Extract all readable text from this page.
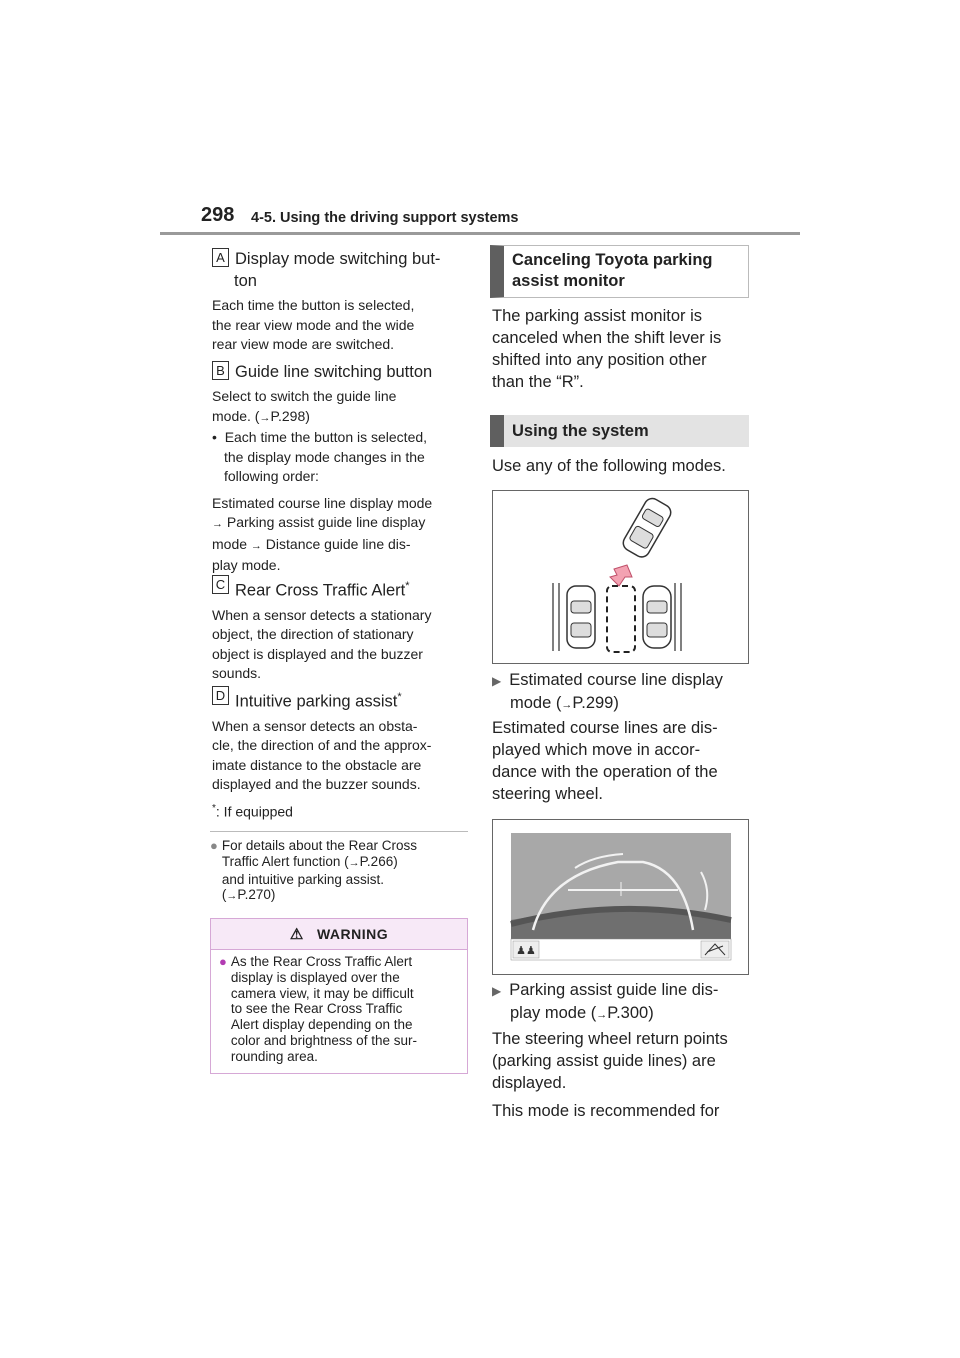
298 4-5. Using the driving support systems
A Display mode switching but-
ton
Each time the button is selected,
the rear view mode and the wide
rear view mode are switched.
B Guide line switching button
Select to switch the guide line
mode. (→P.298)
•  Each time the button is selected,
the display mode changes in the
following order:
Estimated course line display mode
→ Parking assist guide line display
mode → Distance guide line dis-
play mode.
C Rear Cross Traffic Alert*
When a sensor detects a stationary
object, the direction of stationary
object is displayed and the buzzer
sounds.
D Intuitive parking assist*
When a sensor detects an obsta-
cle, the direction of and the approx-
imate distance to the obstacle are
displayed and the buzzer sounds.
*: If equipped
● For details about the Rear Cross
Traffic Alert function (→P.266)
and intuitive parking assist.
(→P.270)
⚠ WARNING
● As the Rear Cross Traffic Alert
display is displayed over the
camera view, it may be difficult
to see the Rear Cross Traffic
Alert display depending on the
color and brightness of the sur-
rounding area.
Canceling Toyota parking
assist monitor
The parking assist monitor is
canceled when the shift lever is
shifted into any position other
than the “R”.
Using the system
Use any of the following modes.
▶ Estimated course line display
mode (→P.299)
Estimated course lines are dis-
played which move in accor-
dance with the operation of the
steering wheel.
♟♟
▶ Parking assist guide line dis-
play mode (→P.300)
The steering wheel return points
(parking assist guide lines) are
displayed.
This mode is recommended for
